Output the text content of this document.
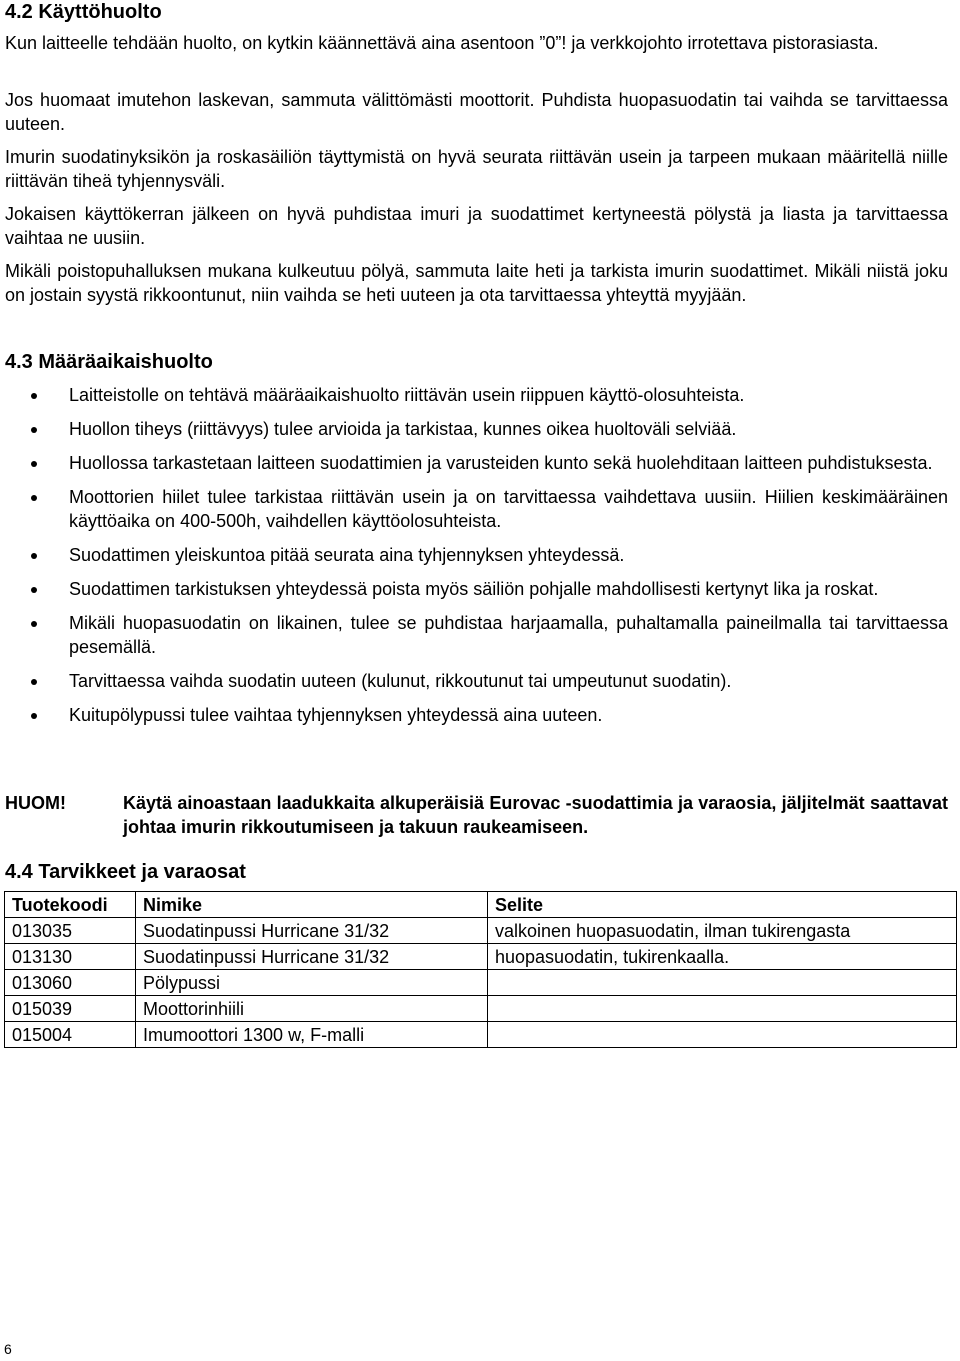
4.2 Käyttöhuolto

Kun laitteelle tehdään huolto, on kytkin käännettävä aina asentoon ”0”! ja verkkojohto irrotettava pistorasiasta.

Jos huomaat imutehon laskevan, sammuta välittömästi moottorit. Puhdista huopasuodatin tai vaihda se tarvittaessa uuteen.

Imurin suodatinyksikön ja roskasäiliön täyttymistä on hyvä seurata riittävän usein ja tarpeen mukaan määritellä niille riittävän tiheä tyhjennysväli.

Jokaisen käyttökerran jälkeen on hyvä puhdistaa imuri ja suodattimet kertyneestä pölystä ja liasta ja tarvittaessa vaihtaa ne uusiin.

Mikäli poistopuhalluksen mukana kulkeutuu pölyä, sammuta laite heti ja tarkista imurin suodattimet. Mikäli niistä joku on jostain syystä rikkoontunut, niin vaihda se heti uuteen ja ota tarvittaessa yhteyttä myyjään.

4.3 Määräaikaishuolto
Laitteistolle on tehtävä määräaikaishuolto riittävän usein riippuen käyttö-olosuhteista.
Huollon tiheys (riittävyys) tulee arvioida ja tarkistaa, kunnes oikea huoltoväli selviää.
Huollossa tarkastetaan laitteen suodattimien ja varusteiden kunto sekä huolehditaan laitteen puhdistuksesta.
Moottorien hiilet tulee tarkistaa riittävän usein ja on tarvittaessa vaihdettava uusiin. Hiilien keskimääräinen käyttöaika on 400-500h, vaihdellen käyttöolosuhteista.
Suodattimen yleiskuntoa pitää seurata aina tyhjennyksen yhteydessä.
Suodattimen tarkistuksen yhteydessä poista myös säiliön pohjalle mahdollisesti kertynyt lika ja roskat.
Mikäli huopasuodatin on likainen, tulee se puhdistaa harjaamalla, puhaltamalla paineilmalla tai tarvittaessa pesemällä.
Tarvittaessa vaihda suodatin uuteen (kulunut, rikkoutunut tai umpeutunut suodatin).
Kuitupölypussi tulee vaihtaa tyhjennyksen yhteydessä aina uuteen.
HUOM!	Käytä ainoastaan laadukkaita alkuperäisiä Eurovac -suodattimia ja varaosia, jäljitelmät saattavat johtaa imurin rikkoutumiseen ja takuun raukeamiseen.
4.4 Tarvikkeet ja varaosat
Tuotekoodi	Nimike	Selite
013035	Suodatinpussi Hurricane 31/32	valkoinen huopasuodatin, ilman tukirengasta
013130	Suodatinpussi Hurricane 31/32	huopasuodatin, tukirenkaalla.
013060	Pölypussi	
015039	Moottorinhiili	
015004	Imumoottori 1300 w, F-malli	
6
